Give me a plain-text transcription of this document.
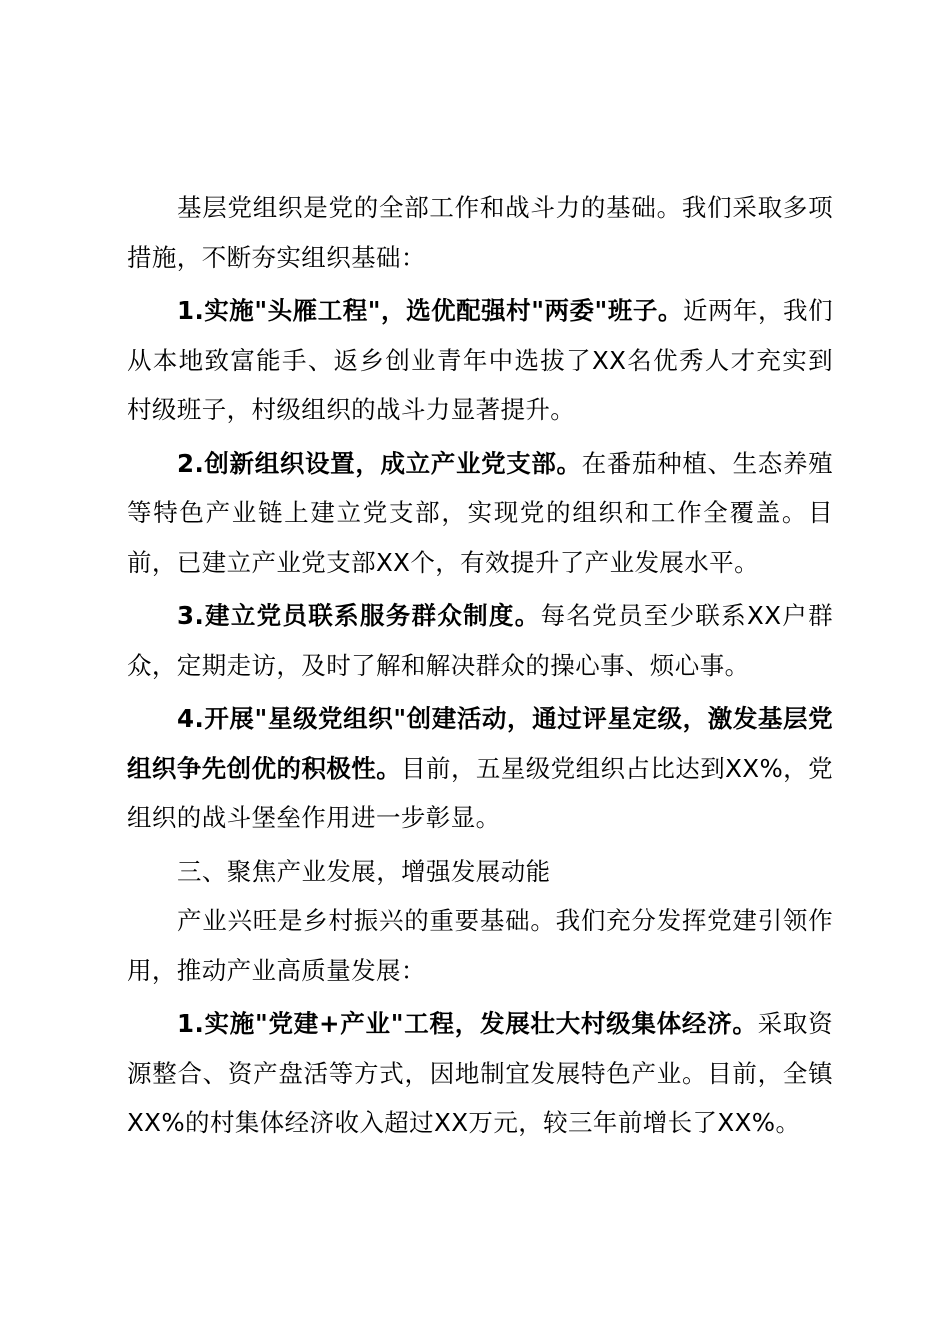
基层党组织是党的全部工作和战斗力的基础。我们采取多项措施，不断夯实组织基础：

1.实施"头雁工程"，选优配强村"两委"班子。近两年，我们从本地致富能手、返乡创业青年中选拔了XX名优秀人才充实到村级班子，村级组织的战斗力显著提升。

2.创新组织设置，成立产业党支部。在番茄种植、生态养殖等特色产业链上建立党支部，实现党的组织和工作全覆盖。目前，已建立产业党支部XX个，有效提升了产业发展水平。

3.建立党员联系服务群众制度。每名党员至少联系XX户群众，定期走访，及时了解和解决群众的操心事、烦心事。

4.开展"星级党组织"创建活动，通过评星定级，激发基层党组织争先创优的积极性。目前，五星级党组织占比达到XX%，党组织的战斗堡垒作用进一步彰显。

三、聚焦产业发展，增强发展动能

产业兴旺是乡村振兴的重要基础。我们充分发挥党建引领作用，推动产业高质量发展：

1.实施"党建+产业"工程，发展壮大村级集体经济。采取资源整合、资产盘活等方式，因地制宜发展特色产业。目前，全镇XX%的村集体经济收入超过XX万元，较三年前增长了XX%。
